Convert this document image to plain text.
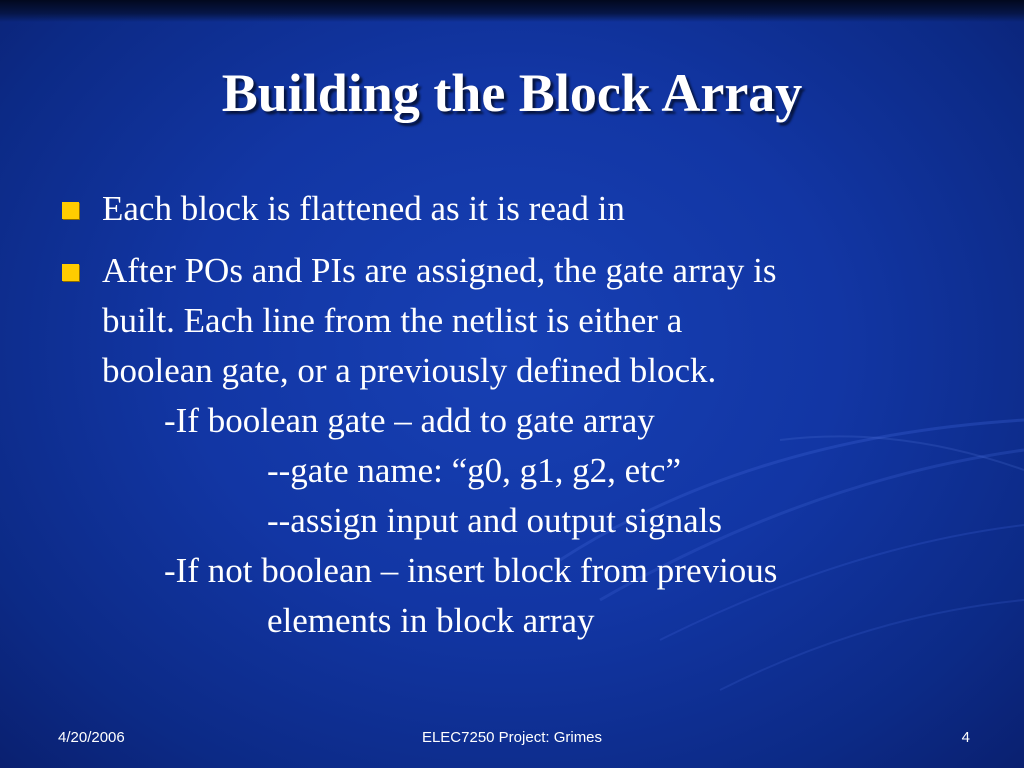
Building the Block Array
Each block is flattened as it is read in
After POs and PIs are assigned, the gate array is
built. Each line from the netlist is either a
boolean gate, or a previously defined block.
-If boolean gate – add to gate array
--gate name: “g0, g1, g2, etc”
--assign input and output signals
-If not boolean – insert block from previous
elements in block array
4/20/2006	ELEC7250 Project: Grimes	4
